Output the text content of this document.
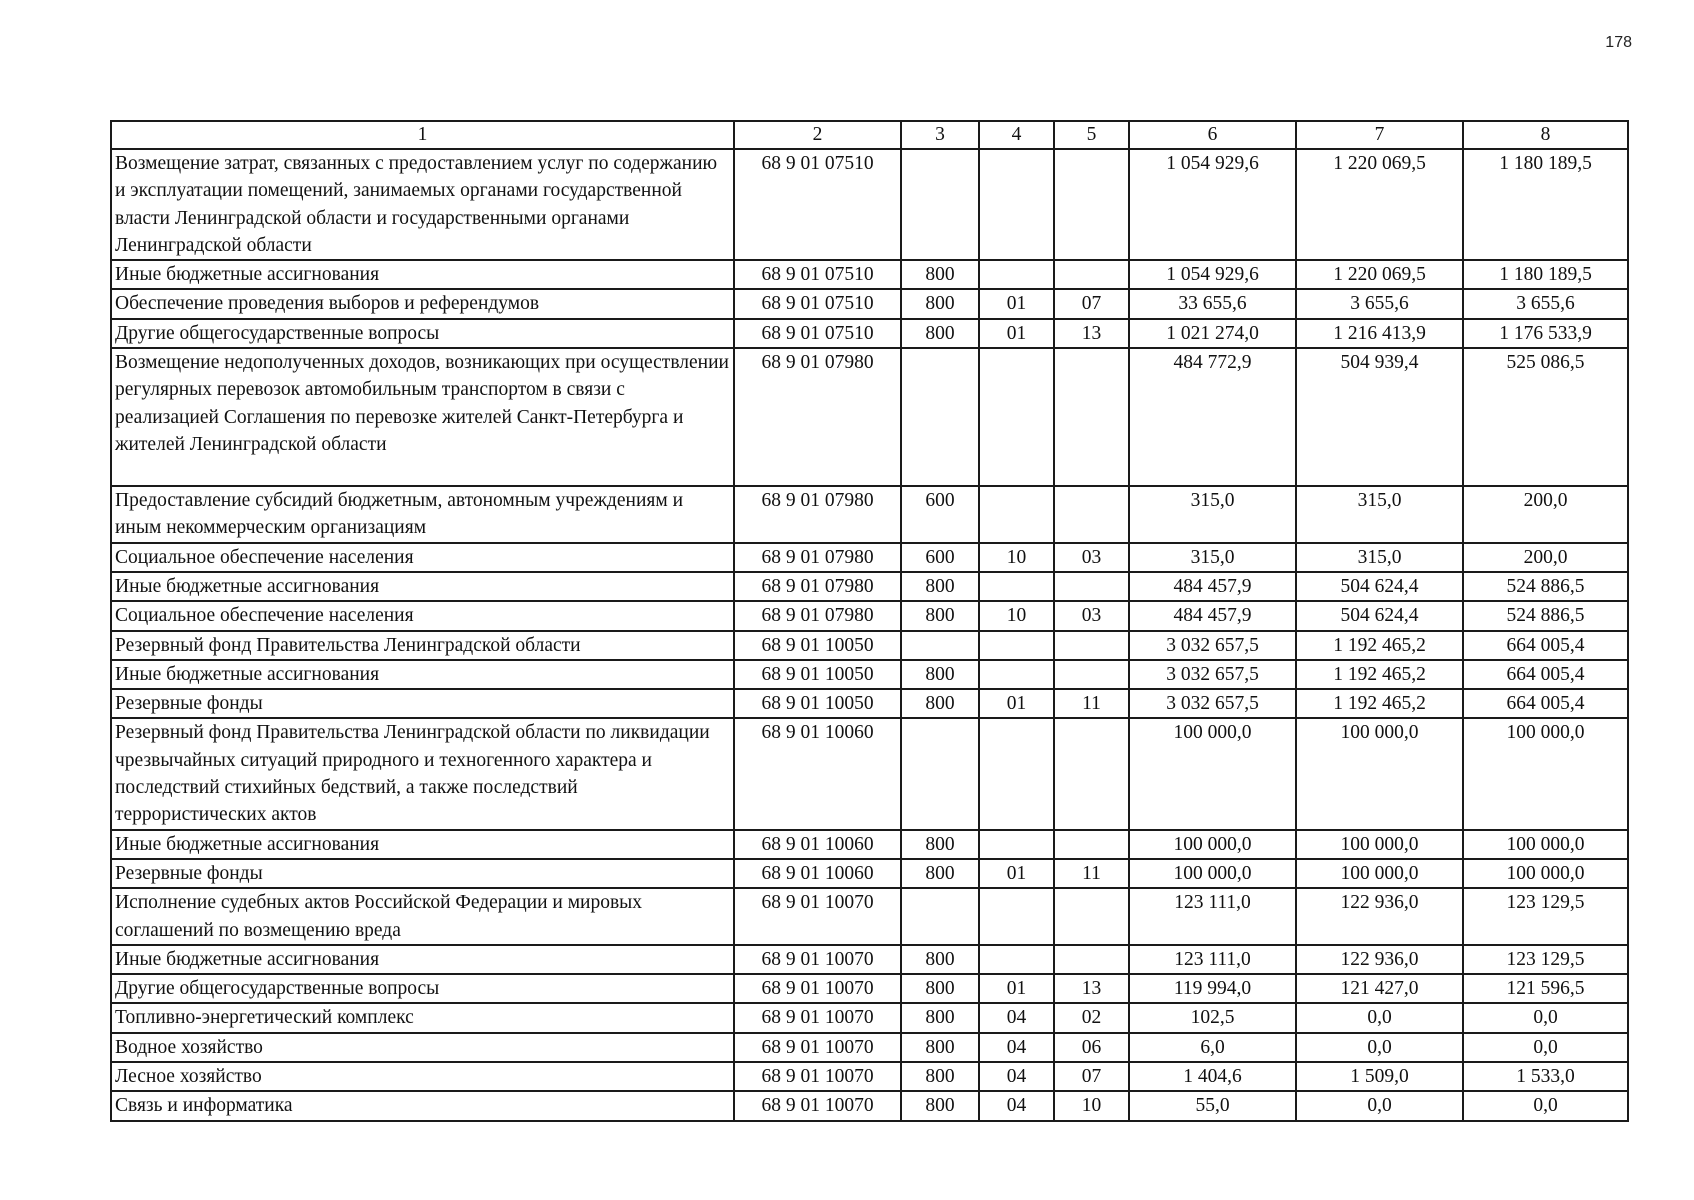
178
1	2	3	4	5	6	7	8
Возмещение затрат, связанных с предоставлением услуг по содержанию и эксплуатации помещений, занимаемых органами государственной власти Ленинградской области и государственными органами Ленинградской области	68 9 01 07510				1 054 929,6	1 220 069,5	1 180 189,5
Иные бюджетные ассигнования	68 9 01 07510	800			1 054 929,6	1 220 069,5	1 180 189,5
Обеспечение проведения выборов и референдумов	68 9 01 07510	800	01	07	33 655,6	3 655,6	3 655,6
Другие общегосударственные вопросы	68 9 01 07510	800	01	13	1 021 274,0	1 216 413,9	1 176 533,9
Возмещение недополученных доходов, возникающих при осуществлении регулярных перевозок автомобильным транспортом в связи с реализацией Соглашения по перевозке жителей Санкт-Петербурга и жителей Ленинградской области	68 9 01 07980				484 772,9	504 939,4	525 086,5
Предоставление субсидий бюджетным, автономным учреждениям и иным некоммерческим организациям	68 9 01 07980	600			315,0	315,0	200,0
Социальное обеспечение населения	68 9 01 07980	600	10	03	315,0	315,0	200,0
Иные бюджетные ассигнования	68 9 01 07980	800			484 457,9	504 624,4	524 886,5
Социальное обеспечение населения	68 9 01 07980	800	10	03	484 457,9	504 624,4	524 886,5
Резервный фонд Правительства Ленинградской области	68 9 01 10050				3 032 657,5	1 192 465,2	664 005,4
Иные бюджетные ассигнования	68 9 01 10050	800			3 032 657,5	1 192 465,2	664 005,4
Резервные фонды	68 9 01 10050	800	01	11	3 032 657,5	1 192 465,2	664 005,4
Резервный фонд Правительства Ленинградской области по ликвидации чрезвычайных ситуаций природного и техногенного характера и последствий стихийных бедствий, а также последствий террористических актов	68 9 01 10060				100 000,0	100 000,0	100 000,0
Иные бюджетные ассигнования	68 9 01 10060	800			100 000,0	100 000,0	100 000,0
Резервные фонды	68 9 01 10060	800	01	11	100 000,0	100 000,0	100 000,0
Исполнение судебных актов Российской Федерации и мировых соглашений по возмещению вреда	68 9 01 10070				123 111,0	122 936,0	123 129,5
Иные бюджетные ассигнования	68 9 01 10070	800			123 111,0	122 936,0	123 129,5
Другие общегосударственные вопросы	68 9 01 10070	800	01	13	119 994,0	121 427,0	121 596,5
Топливно-энергетический комплекс	68 9 01 10070	800	04	02	102,5	0,0	0,0
Водное хозяйство	68 9 01 10070	800	04	06	6,0	0,0	0,0
Лесное хозяйство	68 9 01 10070	800	04	07	1 404,6	1 509,0	1 533,0
Связь и информатика	68 9 01 10070	800	04	10	55,0	0,0	0,0
